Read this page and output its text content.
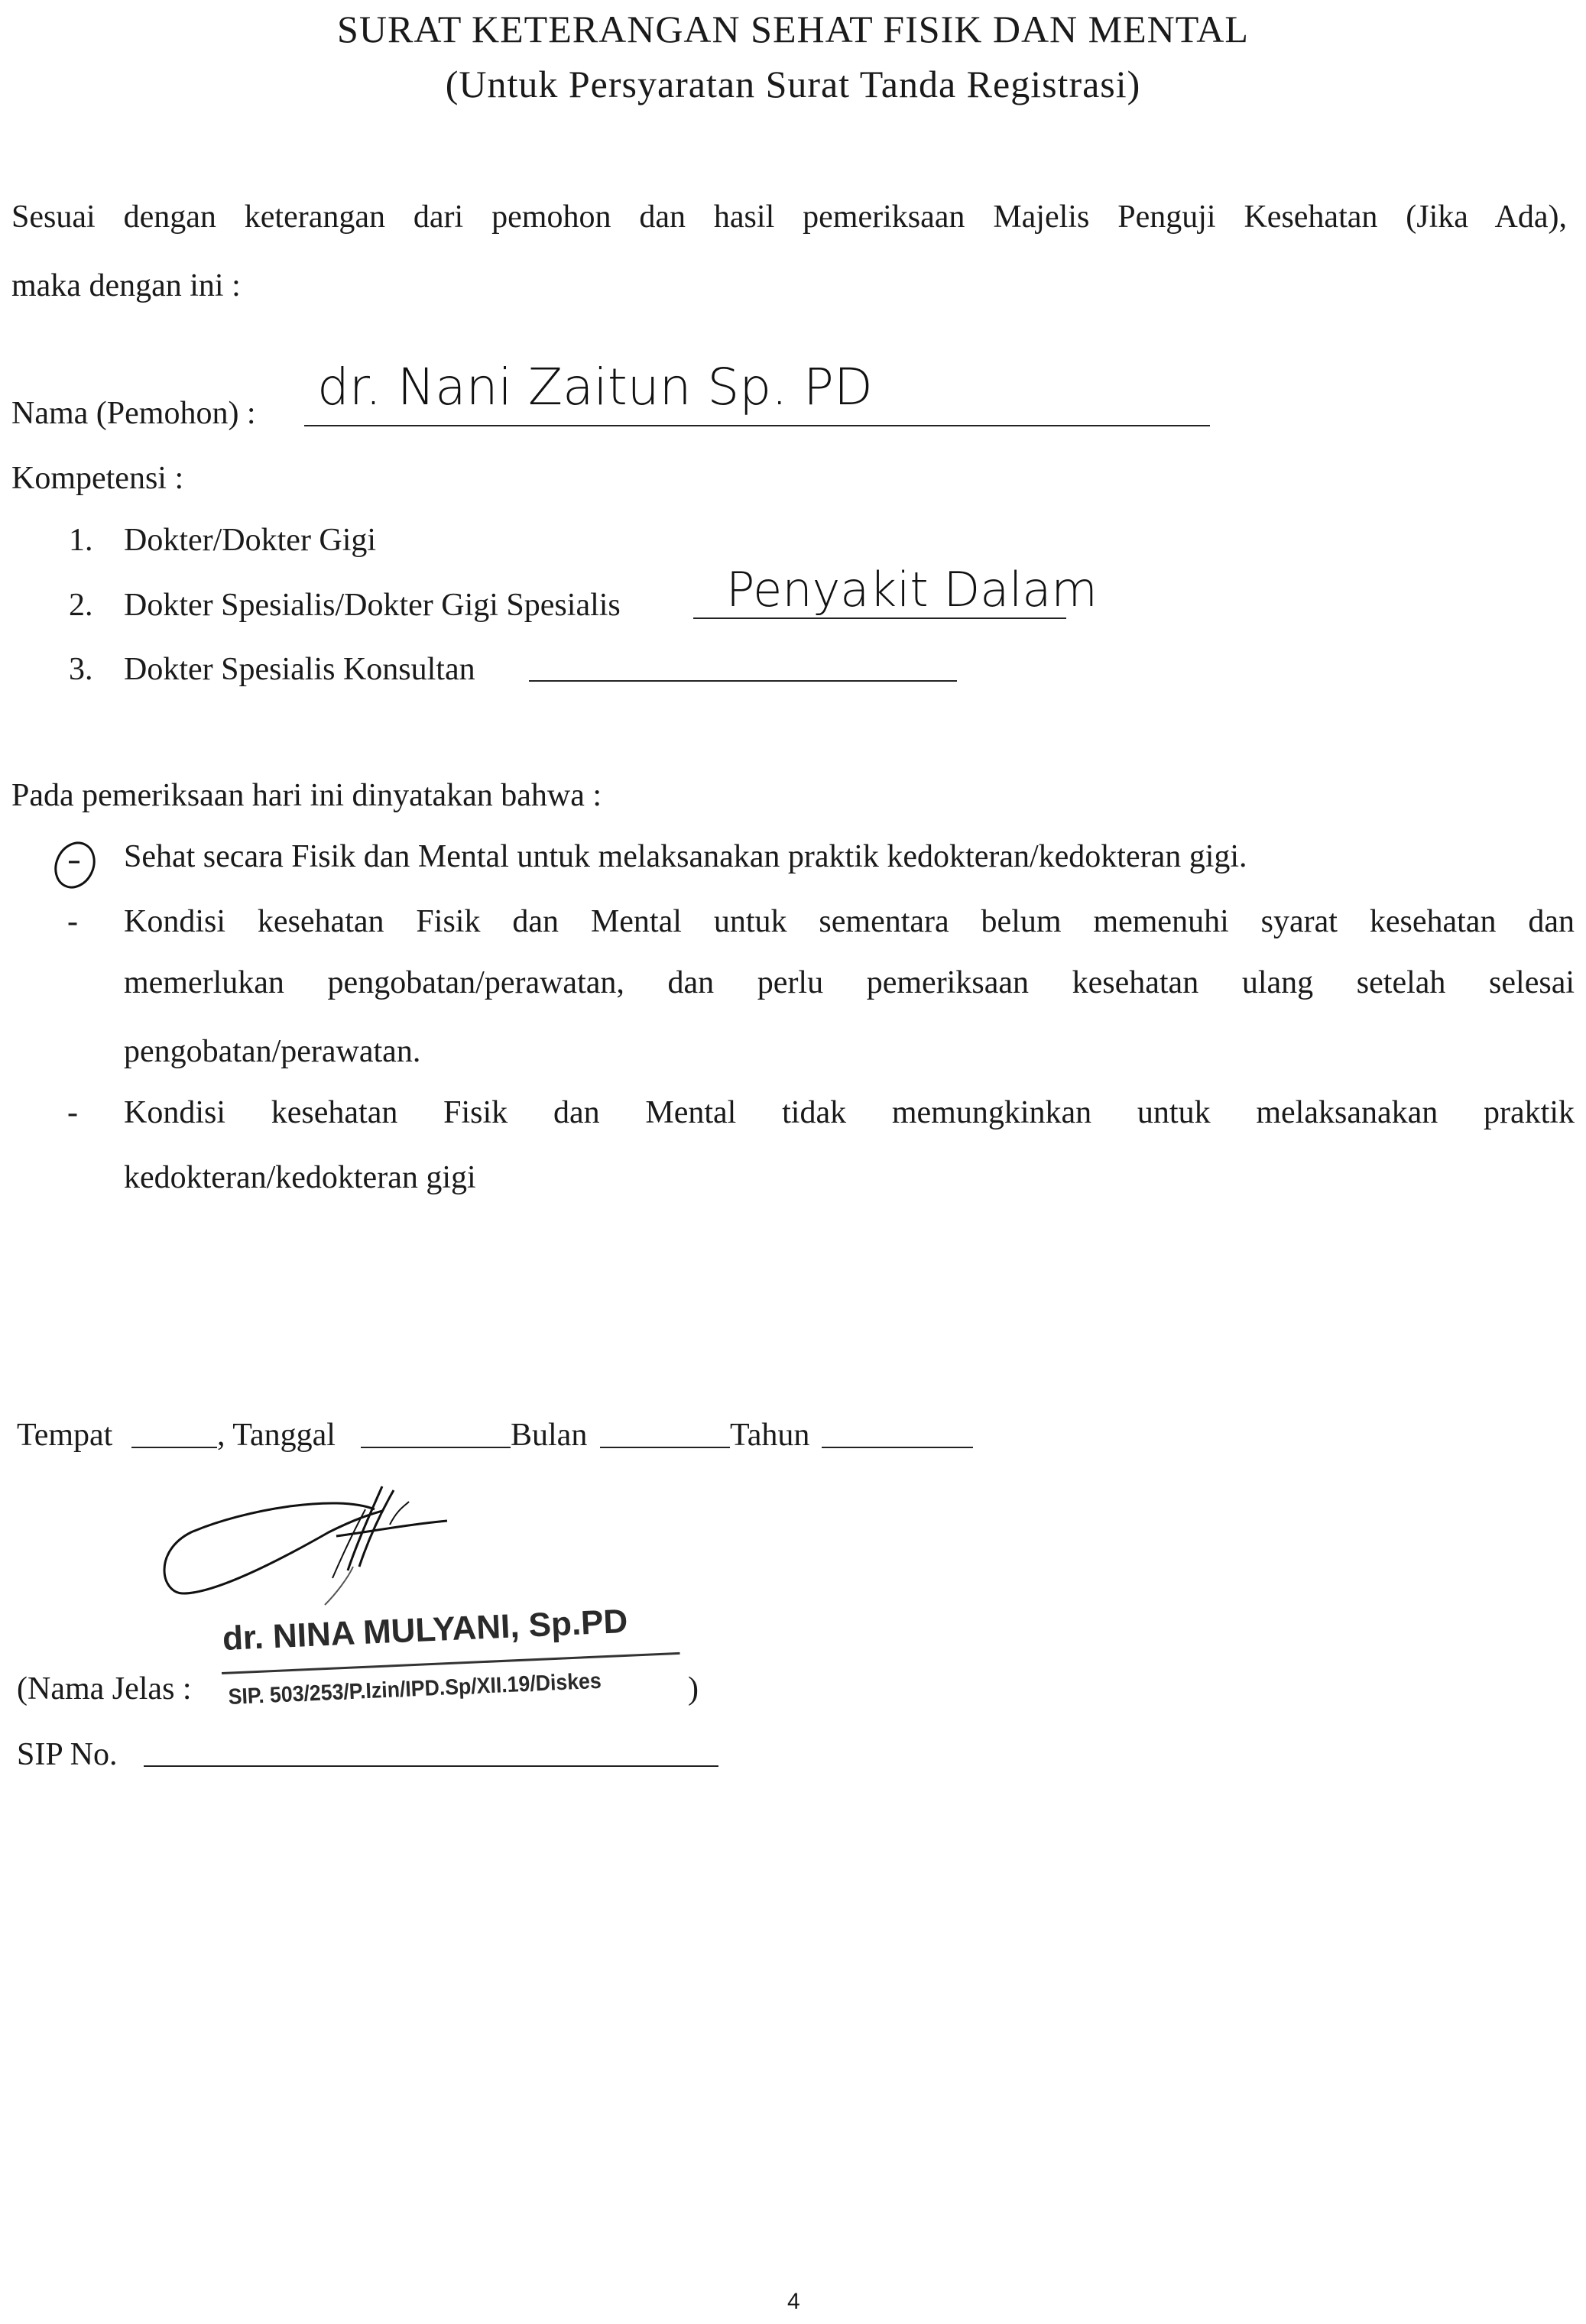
SURAT KETERANGAN SEHAT FISIK DAN MENTAL
(Untuk Persyaratan Surat Tanda Registrasi)
Sesuai dengan keterangan dari pemohon dan hasil pemeriksaan Majelis Penguji Kesehatan (Jika Ada),
maka dengan ini :
Nama (Pemohon) : dr. Nani Zaitun Sp. PD
Kompetensi :
1. Dokter/Dokter Gigi
2. Dokter Spesialis/Dokter Gigi Spesialis Penyakit Dalam
3. Dokter Spesialis Konsultan
Pada pemeriksaan hari ini dinyatakan bahwa :
Sehat secara Fisik dan Mental untuk melaksanakan praktik kedokteran/kedokteran gigi.
- Kondisi kesehatan Fisik dan Mental untuk sementara belum memenuhi syarat kesehatan dan
memerlukan pengobatan/perawatan, dan perlu pemeriksaan kesehatan ulang setelah selesai
pengobatan/perawatan.
- Kondisi kesehatan Fisik dan Mental tidak memungkinkan untuk melaksanakan praktik
kedokteran/kedokteran gigi
Tempat	, Tanggal	Bulan	Tahun
dr. NINA MULYANI, Sp.PD
SIP. 503/253/P.Izin/IPD.Sp/XII.19/Diskes
(Nama Jelas :	)
SIP No.
4
